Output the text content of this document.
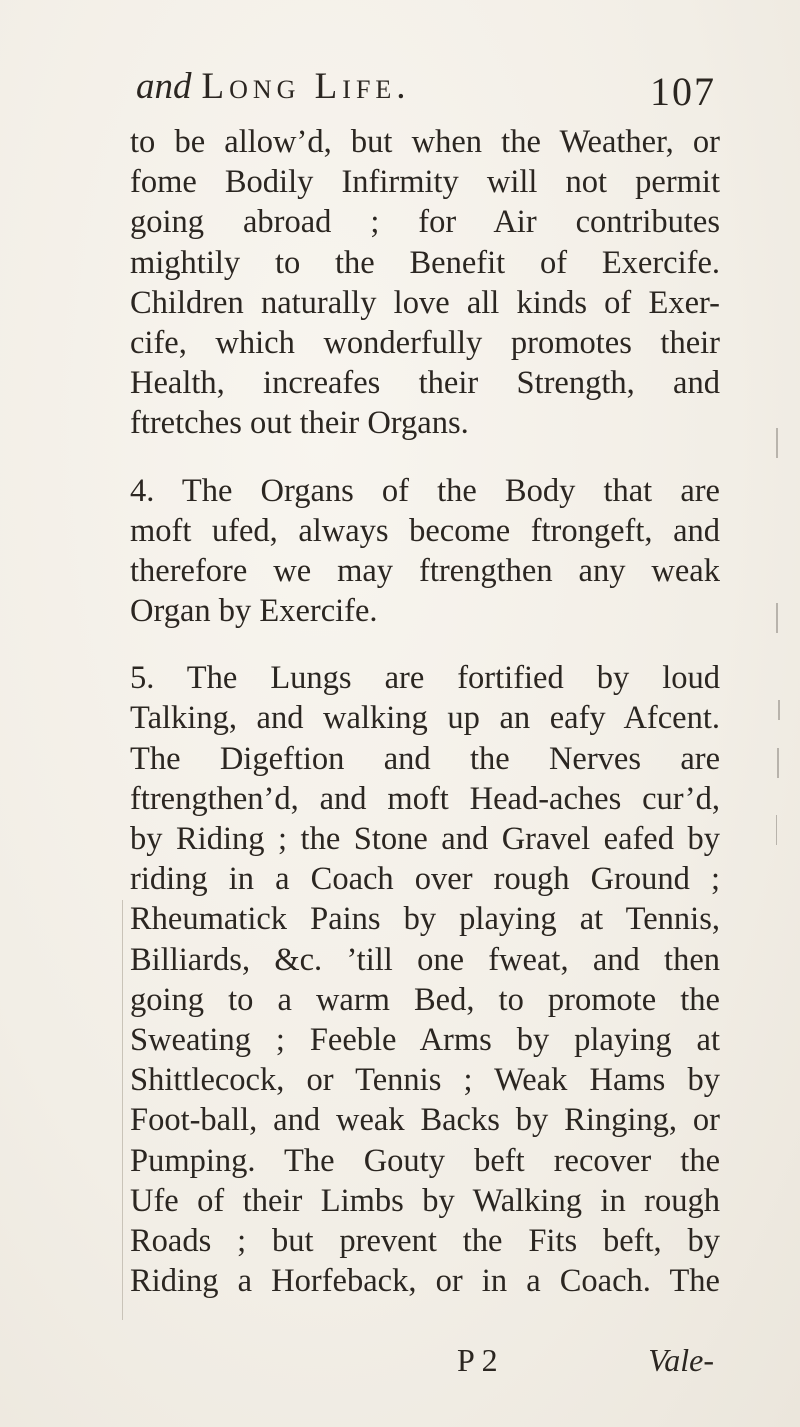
and Long Life.	107
to be allow’d, but when the Weather, or
fome Bodily Infirmity will not permit
going abroad ; for Air contributes
mightily to the Benefit of Exercife.
Children naturally love all kinds of Exer-
cife, which wonderfully promotes their
Health, increafes their Strength, and
ftretches out their Organs.
4. The Organs of the Body that are
moft ufed, always become ftrongeft, and
therefore we may ftrengthen any weak
Organ by Exercife.
5. The Lungs are fortified by loud
Talking, and walking up an eafy Afcent.
The Digeftion and the Nerves are
ftrengthen’d, and moft Head-aches cur’d,
by Riding ; the Stone and Gravel eafed by
riding in a Coach over rough Ground ;
Rheumatick Pains by playing at Tennis,
Billiards, &c. ’till one fweat, and then
going to a warm Bed, to promote the
Sweating ; Feeble Arms by playing at
Shittlecock, or Tennis ; Weak Hams by
Foot-ball, and weak Backs by Ringing, or
Pumping. The Gouty beft recover the
Ufe of their Limbs by Walking in rough
Roads ; but prevent the Fits beft, by
Riding a Horfeback, or in a Coach. The
P 2	Vale-
